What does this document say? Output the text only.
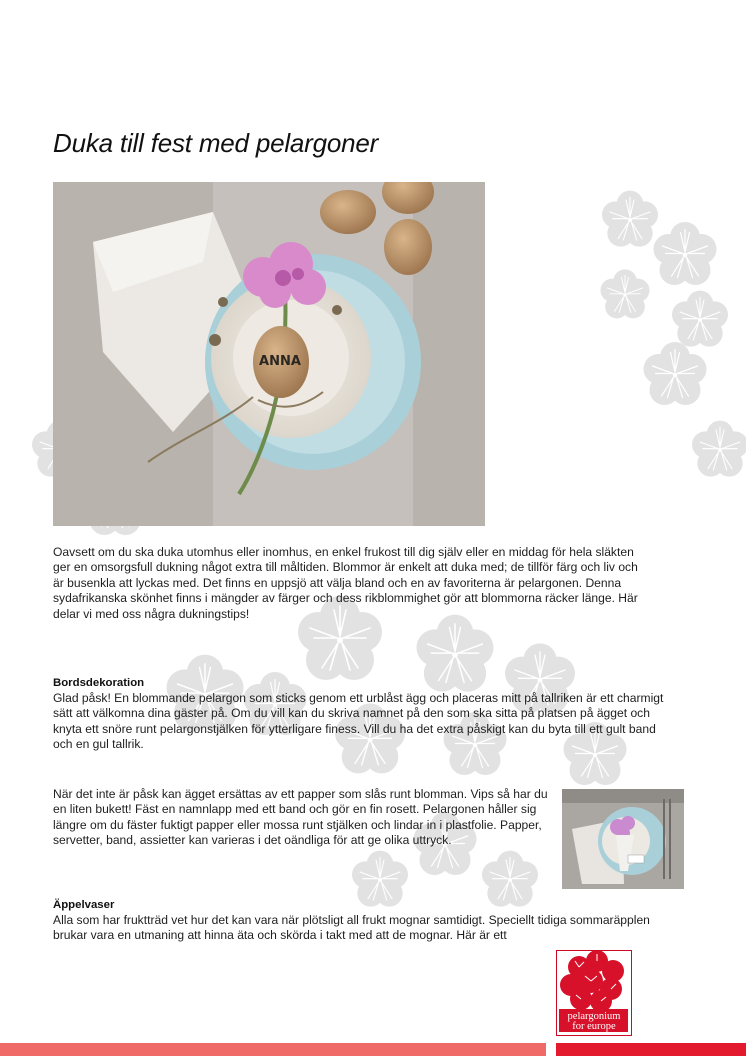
Duka till fest med pelargoner
ANNA

Oavsett om du ska duka utomhus eller inomhus, en enkel frukost till dig själv eller en middag för hela släkten ger en omsorgsfull dukning något extra till måltiden. Blommor är enkelt att duka med; de tillför färg och liv och är busenkla att lyckas med. Det finns en uppsjö att välja bland och en av favoriterna är pelargonen. Denna sydafrikanska skönhet finns i mängder av färger och dess rikblommighet gör att blommorna räcker länge. Här delar vi med oss några dukningstips!

Bordsdekoration

Glad påsk! En blommande pelargon som sticks genom ett urblåst ägg och placeras mitt på tallriken är ett charmigt sätt att välkomna dina gäster på. Om du vill kan du skriva namnet på den som ska sitta på platsen på ägget och knyta ett snöre runt pelargonstjälken för ytterligare finess. Vill du ha det extra påskigt kan du byta till ett gult band och en gul tallrik.

När det inte är påsk kan ägget ersättas av ett papper som slås runt blomman. Vips så har du en liten bukett! Fäst en namnlapp med ett band och gör en fin rosett. Pelargonen håller sig längre om du fäster fuktigt papper eller mossa runt stjälken och lindar in i plastfolie. Papper, servetter, band, assietter kan varieras i det oändliga för att ge olika uttryck.

Äppelvaser

Alla som har fruktträd vet hur det kan vara när plötsligt all frukt mognar samtidigt. Speciellt tidiga sommaräpplen brukar vara en utmaning att hinna äta och skörda i takt med att de mognar. Här är ett

pelargonium
for europe
